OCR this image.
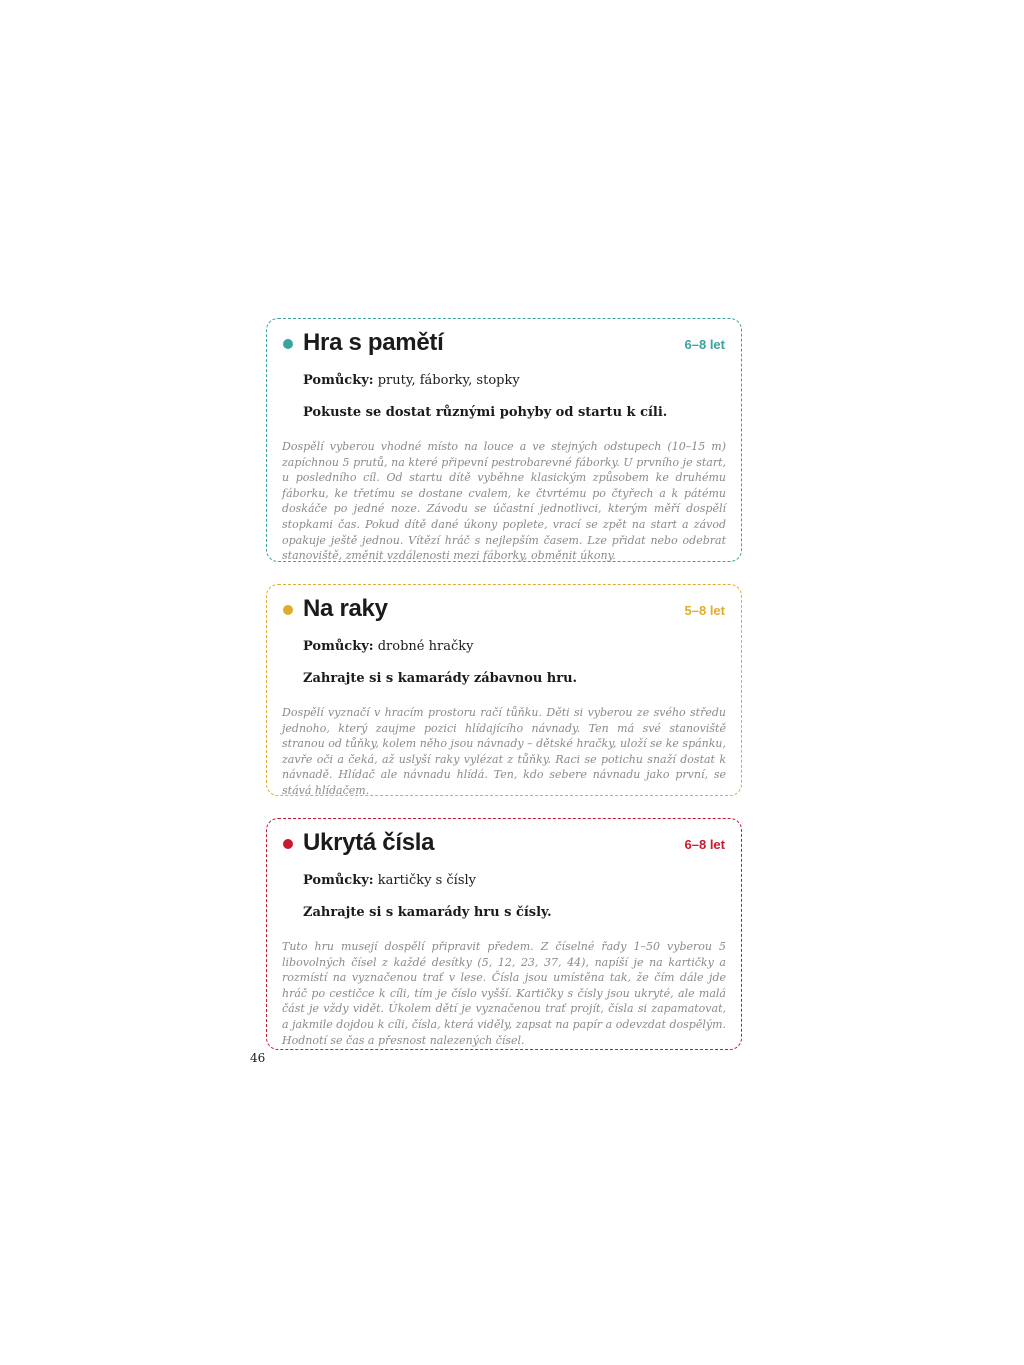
Hra s pamětí	6–8 let
Pomůcky: pruty, fáborky, stopky
Pokuste se dostat různými pohyby od startu k cíli.
Dospělí vyberou vhodné místo na louce a ve stejných odstupech (10–15 m) zapíchnou 5 prutů, na které připevní pestrobarevné fáborky. U prvního je start, u posledního cíl. Od startu dítě vyběhne klasickým způsobem ke druhému fáborku, ke třetímu se dostane cvalem, ke čtvrtému po čtyřech a k pátému doskáče po jedné noze. Závodu se účastní jednotlivci, kterým měří dospělí stopkami čas. Pokud dítě dané úkony poplete, vrací se zpět na start a závod opakuje ještě jednou. Vítězí hráč s nejlepším časem. Lze přidat nebo odebrat stanoviště, změnit vzdálenosti mezi fáborky, obměnit úkony.
Na raky	5–8 let
Pomůcky: drobné hračky
Zahrajte si s kamarády zábavnou hru.
Dospělí vyznačí v hracím prostoru račí tůňku. Děti si vyberou ze svého středu jednoho, který zaujme pozici hlídajícího návnady. Ten má své stanoviště stranou od tůňky, kolem něho jsou návnady – dětské hračky, uloží se ke spánku, zavře oči a čeká, až uslyší raky vylézat z tůňky. Raci se potichu snaží dostat k návnadě. Hlídač ale návnadu hlídá. Ten, kdo sebere návnadu jako první, se stává hlídačem.
Ukrytá čísla	6–8 let
Pomůcky: kartičky s čísly
Zahrajte si s kamarády hru s čísly.
Tuto hru musejí dospělí připravit předem. Z číselné řady 1–50 vyberou 5 libovolných čísel z každé desítky (5, 12, 23, 37, 44), napíší je na kartičky a rozmístí na vyznačenou trať v lese. Čísla jsou umístěna tak, že čím dále jde hráč po cestičce k cíli, tím je číslo vyšší. Kartičky s čísly jsou ukryté, ale malá část je vždy vidět. Úkolem dětí je vyznačenou trať projít, čísla si zapamatovat, a jakmile dojdou k cíli, čísla, která viděly, zapsat na papír a odevzdat dospělým. Hodnotí se čas a přesnost nalezených čísel.
46
